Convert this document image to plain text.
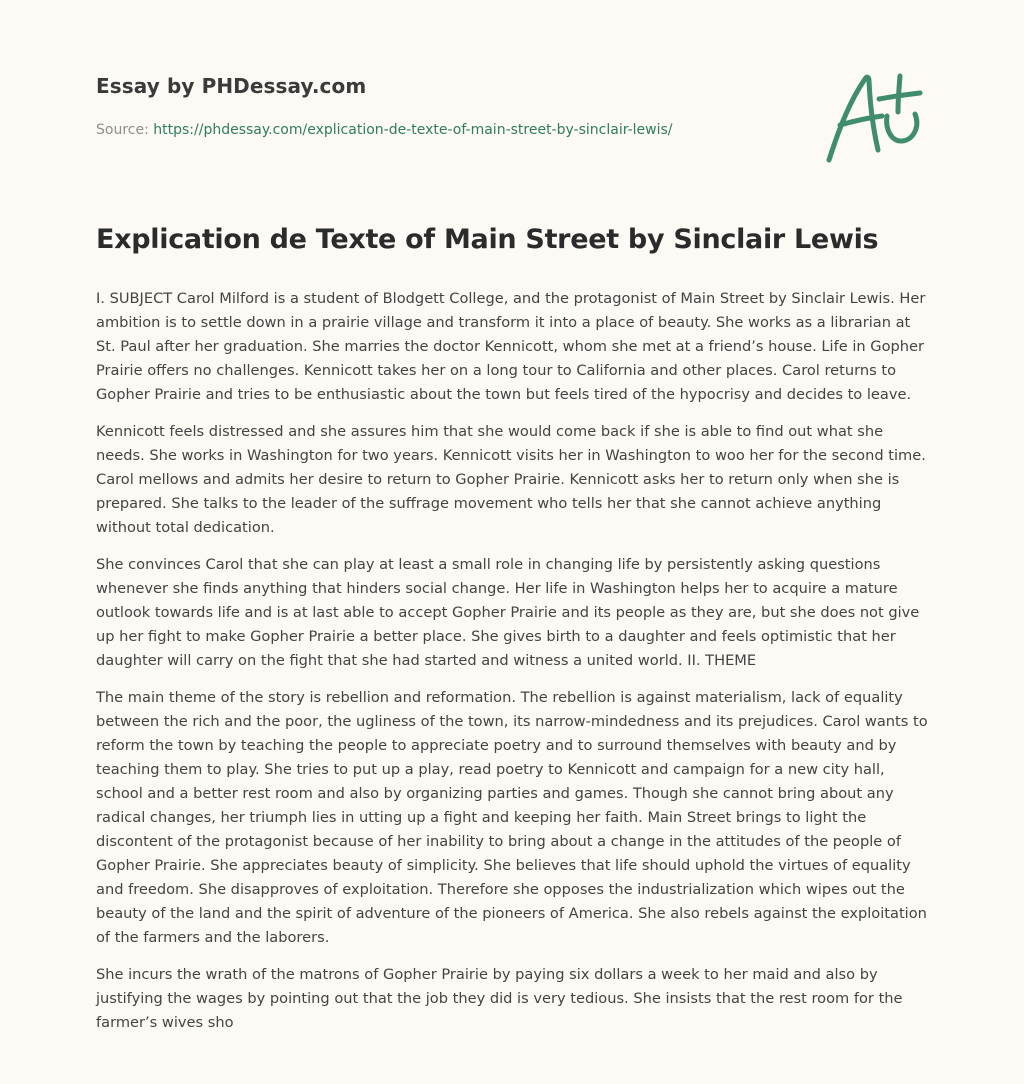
Essay by PHDessay.com

Source: https://phdessay.com/explication-de-texte-of-main-street-by-sinclair-lewis/
Explication de Texte of Main Street by Sinclair Lewis

I. SUBJECT Carol Milford is a student of Blodgett College, and the protagonist of Main Street by Sinclair Lewis. Her ambition is to settle down in a prairie village and transform it into a place of beauty. She works as a librarian at St. Paul after her graduation. She marries the doctor Kennicott, whom she met at a friend’s house. Life in Gopher Prairie offers no challenges. Kennicott takes her on a long tour to California and other places. Carol returns to Gopher Prairie and tries to be enthusiastic about the town but feels tired of the hypocrisy and decides to leave.

Kennicott feels distressed and she assures him that she would come back if she is able to find out what she needs. She works in Washington for two years. Kennicott visits her in Washington to woo her for the second time. Carol mellows and admits her desire to return to Gopher Prairie. Kennicott asks her to return only when she is prepared. She talks to the leader of the suffrage movement who tells her that she cannot achieve anything without total dedication.

She convinces Carol that she can play at least a small role in changing life by persistently asking questions whenever she finds anything that hinders social change. Her life in Washington helps her to acquire a mature outlook towards life and is at last able to accept Gopher Prairie and its people as they are, but she does not give up her fight to make Gopher Prairie a better place. She gives birth to a daughter and feels optimistic that her daughter will carry on the fight that she had started and witness a united world. II. THEME

The main theme of the story is rebellion and reformation. The rebellion is against materialism, lack of equality between the rich and the poor, the ugliness of the town, its narrow-mindedness and its prejudices. Carol wants to reform the town by teaching the people to appreciate poetry and to surround themselves with beauty and by teaching them to play. She tries to put up a play, read poetry to Kennicott and campaign for a new city hall, school and a better rest room and also by organizing parties and games. Though she cannot bring about any radical changes, her triumph lies in utting up a fight and keeping her faith. Main Street brings to light the discontent of the protagonist because of her inability to bring about a change in the attitudes of the people of Gopher Prairie. She appreciates beauty of simplicity. She believes that life should uphold the virtues of equality and freedom. She disapproves of exploitation. Therefore she opposes the industrialization which wipes out the beauty of the land and the spirit of adventure of the pioneers of America. She also rebels against the exploitation of the farmers and the laborers.

She incurs the wrath of the matrons of Gopher Prairie by paying six dollars a week to her maid and also by justifying the wages by pointing out that the job they did is very tedious. She insists that the rest room for the farmer’s wives sho
